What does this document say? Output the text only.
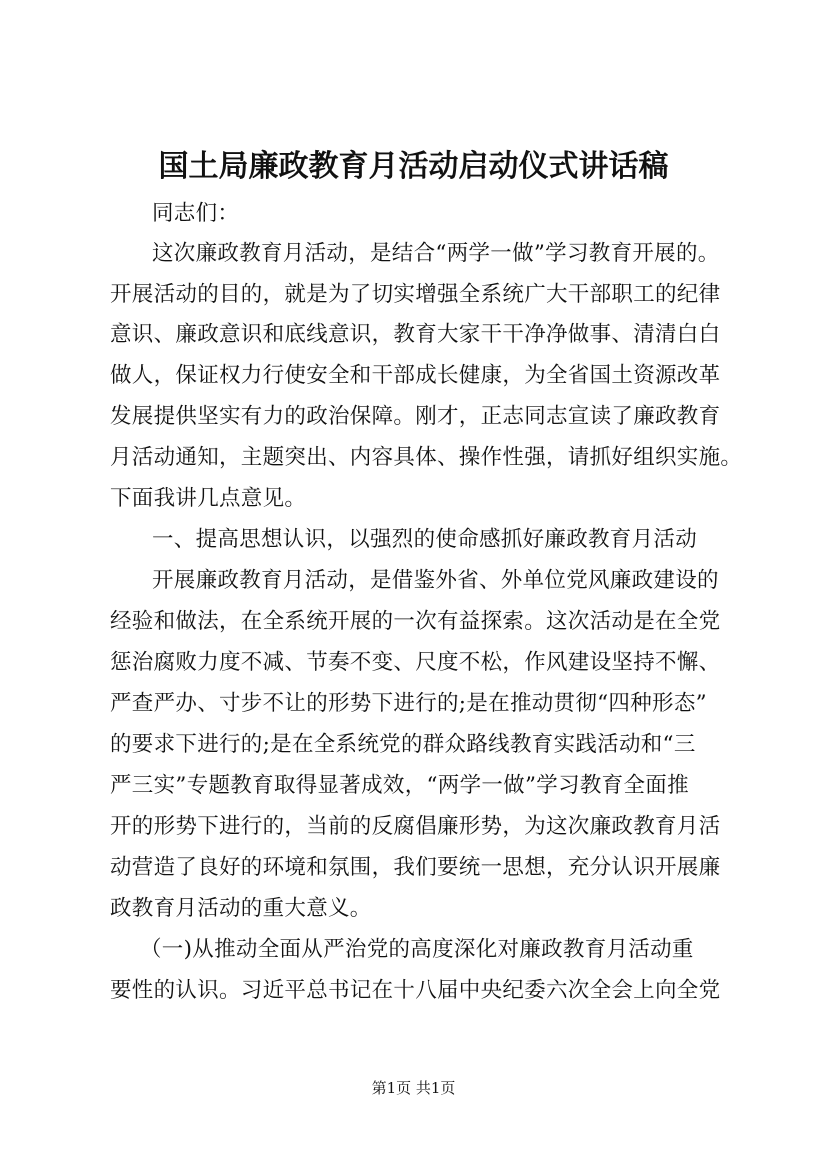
国土局廉政教育月活动启动仪式讲话稿
同志们：
这次廉政教育月活动，是结合“两学一做”学习教育开展的。
开展活动的目的，就是为了切实增强全系统广大干部职工的纪律
意识、廉政意识和底线意识，教育大家干干净净做事、清清白白
做人，保证权力行使安全和干部成长健康，为全省国土资源改革
发展提供坚实有力的政治保障。刚才，正志同志宣读了廉政教育
月活动通知，主题突出、内容具体、操作性强，请抓好组织实施。
下面我讲几点意见。
一、提高思想认识，以强烈的使命感抓好廉政教育月活动
开展廉政教育月活动，是借鉴外省、外单位党风廉政建设的
经验和做法，在全系统开展的一次有益探索。这次活动是在全党
惩治腐败力度不减、节奏不变、尺度不松，作风建设坚持不懈、
严查严办、寸步不让的形势下进行的;是在推动贯彻“四种形态”
的要求下进行的;是在全系统党的群众路线教育实践活动和“三
严三实”专题教育取得显著成效，“两学一做”学习教育全面推
开的形势下进行的，当前的反腐倡廉形势，为这次廉政教育月活
动营造了良好的环境和氛围，我们要统一思想，充分认识开展廉
政教育月活动的重大意义。
（一)从推动全面从严治党的高度深化对廉政教育月活动重
要性的认识。习近平总书记在十八届中央纪委六次全会上向全党
第1页 共1页
